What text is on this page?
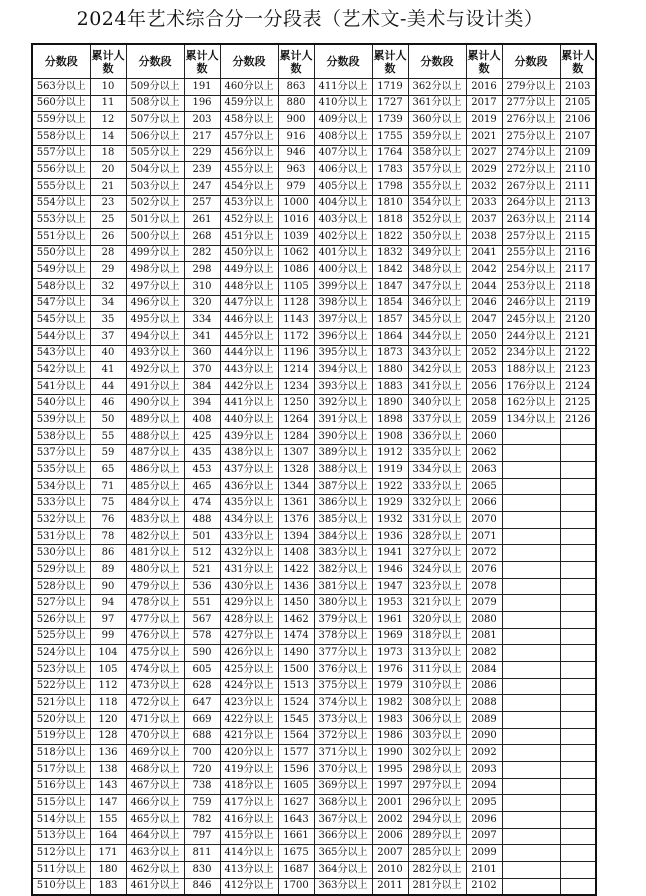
2024年艺术综合分一分段表（艺术文-美术与设计类）
分数段	累计人数	分数段	累计人数	分数段	累计人数	分数段	累计人数	分数段	累计人数	分数段	累计人数
563分以上	10	509分以上	191	460分以上	863	411分以上	1719	362分以上	2016	279分以上	2103
560分以上	11	508分以上	196	459分以上	880	410分以上	1727	361分以上	2017	277分以上	2105
559分以上	12	507分以上	203	458分以上	900	409分以上	1739	360分以上	2019	276分以上	2106
558分以上	14	506分以上	217	457分以上	916	408分以上	1755	359分以上	2021	275分以上	2107
557分以上	18	505分以上	229	456分以上	946	407分以上	1764	358分以上	2027	274分以上	2109
556分以上	20	504分以上	239	455分以上	963	406分以上	1783	357分以上	2029	272分以上	2110
555分以上	21	503分以上	247	454分以上	979	405分以上	1798	355分以上	2032	267分以上	2111
554分以上	23	502分以上	257	453分以上	1000	404分以上	1810	354分以上	2033	264分以上	2113
553分以上	25	501分以上	261	452分以上	1016	403分以上	1818	352分以上	2037	263分以上	2114
551分以上	26	500分以上	268	451分以上	1039	402分以上	1822	350分以上	2038	257分以上	2115
550分以上	28	499分以上	282	450分以上	1062	401分以上	1832	349分以上	2041	255分以上	2116
549分以上	29	498分以上	298	449分以上	1086	400分以上	1842	348分以上	2042	254分以上	2117
548分以上	32	497分以上	310	448分以上	1105	399分以上	1847	347分以上	2044	253分以上	2118
547分以上	34	496分以上	320	447分以上	1128	398分以上	1854	346分以上	2046	246分以上	2119
545分以上	35	495分以上	334	446分以上	1143	397分以上	1857	345分以上	2047	245分以上	2120
544分以上	37	494分以上	341	445分以上	1172	396分以上	1864	344分以上	2050	244分以上	2121
543分以上	40	493分以上	360	444分以上	1196	395分以上	1873	343分以上	2052	234分以上	2122
542分以上	41	492分以上	370	443分以上	1214	394分以上	1880	342分以上	2053	188分以上	2123
541分以上	44	491分以上	384	442分以上	1234	393分以上	1883	341分以上	2056	176分以上	2124
540分以上	46	490分以上	394	441分以上	1250	392分以上	1890	340分以上	2058	162分以上	2125
539分以上	50	489分以上	408	440分以上	1264	391分以上	1898	337分以上	2059	134分以上	2126
538分以上	55	488分以上	425	439分以上	1284	390分以上	1908	336分以上	2060		
537分以上	59	487分以上	435	438分以上	1307	389分以上	1912	335分以上	2062		
535分以上	65	486分以上	453	437分以上	1328	388分以上	1919	334分以上	2063		
534分以上	71	485分以上	465	436分以上	1344	387分以上	1922	333分以上	2065		
533分以上	75	484分以上	474	435分以上	1361	386分以上	1929	332分以上	2066		
532分以上	76	483分以上	488	434分以上	1376	385分以上	1932	331分以上	2070		
531分以上	78	482分以上	501	433分以上	1394	384分以上	1936	328分以上	2071		
530分以上	86	481分以上	512	432分以上	1408	383分以上	1941	327分以上	2072		
529分以上	89	480分以上	521	431分以上	1422	382分以上	1946	324分以上	2076		
528分以上	90	479分以上	536	430分以上	1436	381分以上	1947	323分以上	2078		
527分以上	94	478分以上	551	429分以上	1450	380分以上	1953	321分以上	2079		
526分以上	97	477分以上	567	428分以上	1462	379分以上	1961	320分以上	2080		
525分以上	99	476分以上	578	427分以上	1474	378分以上	1969	318分以上	2081		
524分以上	104	475分以上	590	426分以上	1490	377分以上	1973	313分以上	2082		
523分以上	105	474分以上	605	425分以上	1500	376分以上	1976	311分以上	2084		
522分以上	112	473分以上	628	424分以上	1513	375分以上	1979	310分以上	2086		
521分以上	118	472分以上	647	423分以上	1524	374分以上	1982	308分以上	2088		
520分以上	120	471分以上	669	422分以上	1545	373分以上	1983	306分以上	2089		
519分以上	128	470分以上	688	421分以上	1564	372分以上	1986	303分以上	2090		
518分以上	136	469分以上	700	420分以上	1577	371分以上	1990	302分以上	2092		
517分以上	138	468分以上	720	419分以上	1596	370分以上	1995	298分以上	2093		
516分以上	143	467分以上	738	418分以上	1605	369分以上	1997	297分以上	2094		
515分以上	147	466分以上	759	417分以上	1627	368分以上	2001	296分以上	2095		
514分以上	155	465分以上	782	416分以上	1643	367分以上	2002	294分以上	2096		
513分以上	164	464分以上	797	415分以上	1661	366分以上	2006	289分以上	2097		
512分以上	171	463分以上	811	414分以上	1675	365分以上	2007	285分以上	2099		
511分以上	180	462分以上	830	413分以上	1687	364分以上	2010	282分以上	2101		
510分以上	183	461分以上	846	412分以上	1700	363分以上	2011	281分以上	2102		
